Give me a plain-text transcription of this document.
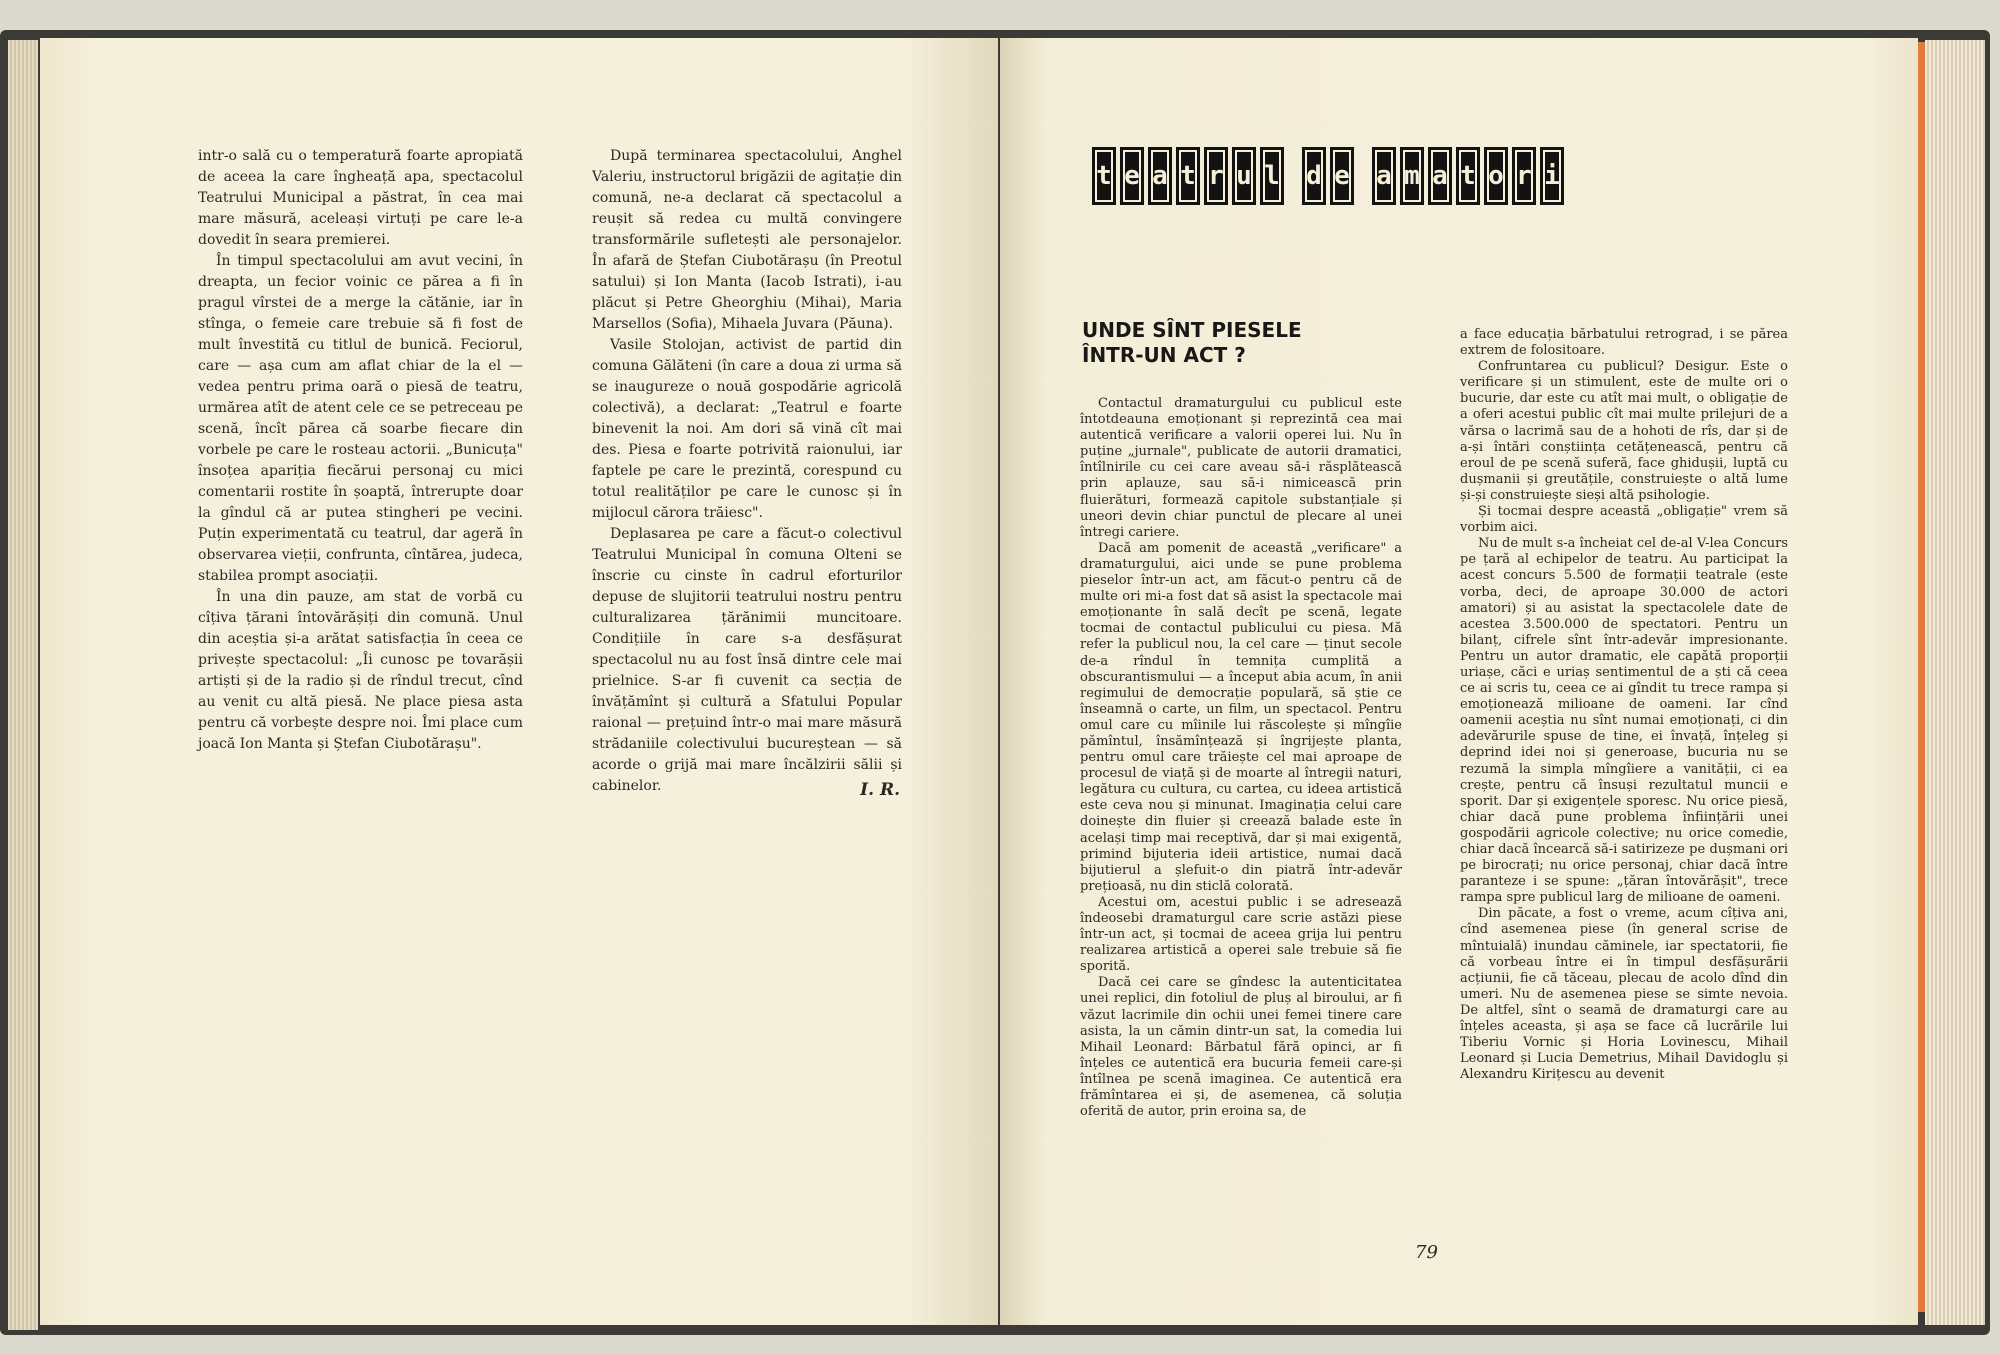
intr-o sală cu o temperatură foarte apropiată de aceea la care îngheață apa, spectacolul Teatrului Municipal a păstrat, în cea mai mare măsură, aceleași virtuți pe care le-a dovedit în seara premierei.

În timpul spectacolului am avut vecini, în dreapta, un fecior voinic ce părea a fi în pragul vîrstei de a merge la cătănie, iar în stînga, o femeie care trebuie să fi fost de mult învestită cu titlul de bunică. Feciorul, care — așa cum am aflat chiar de la el — vedea pentru prima oară o piesă de teatru, urmărea atît de atent cele ce se petreceau pe scenă, încît părea că soarbe fiecare din vorbele pe care le rosteau actorii. „Bunicuța" însoțea apariția fiecărui personaj cu mici comentarii rostite în șoaptă, întrerupte doar la gîndul că ar putea stingheri pe vecini. Puțin experimentată cu teatrul, dar ageră în observarea vieții, confrunta, cîntărea, judeca, stabilea prompt asociații.

În una din pauze, am stat de vorbă cu cîțiva țărani întovărășiți din comună. Unul din aceștia și-a arătat satisfacția în ceea ce privește spectacolul: „Îi cunosc pe tovarășii artiști și de la radio și de rîndul trecut, cînd au venit cu altă piesă. Ne place piesa asta pentru că vorbește despre noi. Îmi place cum joacă Ion Manta și Ștefan Ciubotărașu".

După terminarea spectacolului, Anghel Valeriu, instructorul brigăzii de agitație din comună, ne-a declarat că spectacolul a reușit să redea cu multă convingere transformările sufletești ale personajelor. În afară de Ștefan Ciubotărașu (în Preotul satului) și Ion Manta (Iacob Istrati), i-au plăcut și Petre Gheorghiu (Mihai), Maria Marsellos (Sofia), Mihaela Juvara (Păuna).

Vasile Stolojan, activist de partid din comuna Gălăteni (în care a doua zi urma să se inaugureze o nouă gospodărie agricolă colectivă), a declarat: „Teatrul e foarte binevenit la noi. Am dori să vină cît mai des. Piesa e foarte potrivită raionului, iar faptele pe care le prezintă, corespund cu totul realităților pe care le cunosc și în mijlocul cărora trăiesc".

Deplasarea pe care a făcut-o colectivul Teatrului Municipal în comuna Olteni se înscrie cu cinste în cadrul eforturilor depuse de slujitorii teatrului nostru pentru culturalizarea țărănimii muncitoare. Condițiile în care s-a desfășurat spectacolul nu au fost însă dintre cele mai prielnice. S-ar fi cuvenit ca secția de învățămînt și cultură a Sfatului Popular raional — prețuind într-o mai mare măsură strădaniile colectivului bucureștean — să acorde o grijă mai mare încălzirii sălii și cabinelor.	I. R.
t e a t r u l d e a m a t o r i
UNDE SÎNT PIESELE
ÎNTR-UN ACT ?

Contactul dramaturgului cu publicul este întotdeauna emoționant și reprezintă cea mai autentică verificare a valorii operei lui. Nu în puține „jurnale", publicate de autorii dramatici, întîlnirile cu cei care aveau să-i răsplătească prin aplauze, sau să-i nimicească prin fluierături, formează capitole substanțiale și uneori devin chiar punctul de plecare al unei întregi cariere.

Dacă am pomenit de această „verificare" a dramaturgului, aici unde se pune problema pieselor într-un act, am făcut-o pentru că de multe ori mi-a fost dat să asist la spectacole mai emoționante în sală decît pe scenă, legate tocmai de contactul publicului cu piesa. Mă refer la publicul nou, la cel care — ținut secole de-a rîndul în temnița cumplită a obscurantismului — a început abia acum, în anii regimului de democrație populară, să știe ce înseamnă o carte, un film, un spectacol. Pentru omul care cu mîinile lui răscolește și mîngîie pămîntul, însămînțează și îngrijește planta, pentru omul care trăiește cel mai aproape de procesul de viață și de moarte al întregii naturi, legătura cu cultura, cu cartea, cu ideea artistică este ceva nou și minunat. Imaginația celui care doinește din fluier și creează balade este în același timp mai receptivă, dar și mai exigentă, primind bijuteria ideii artistice, numai dacă bijutierul a șlefuit-o din piatră într-adevăr prețioasă, nu din sticlă colorată.

Acestui om, acestui public i se adresează îndeosebi dramaturgul care scrie astăzi piese într-un act, și tocmai de aceea grija lui pentru realizarea artistică a operei sale trebuie să fie sporită.

Dacă cei care se gîndesc la autenticitatea unei replici, din fotoliul de pluș al biroului, ar fi văzut lacrimile din ochii unei femei tinere care asista, la un cămin dintr-un sat, la comedia lui Mihail Leonard: Bărbatul fără opinci, ar fi înțeles ce autentică era bucuria femeii care-și întîlnea pe scenă imaginea. Ce autentică era frămîntarea ei și, de asemenea, că soluția oferită de autor, prin eroina sa, de

a face educația bărbatului retrograd, i se părea extrem de folositoare.

Confruntarea cu publicul? Desigur. Este o verificare și un stimulent, este de multe ori o bucurie, dar este cu atît mai mult, o obligație de a oferi acestui public cît mai multe prilejuri de a vărsa o lacrimă sau de a hohoti de rîs, dar și de a-și întări conștiința cetățenească, pentru că eroul de pe scenă suferă, face ghidușii, luptă cu dușmanii și greutățile, construiește o altă lume și-și construiește sieși altă psihologie.

Și tocmai despre această „obligație" vrem să vorbim aici.

Nu de mult s-a încheiat cel de-al V-lea Concurs pe țară al echipelor de teatru. Au participat la acest concurs 5.500 de formații teatrale (este vorba, deci, de aproape 30.000 de actori amatori) și au asistat la spectacolele date de acestea 3.500.000 de spectatori. Pentru un bilanț, cifrele sînt într-adevăr impresionante. Pentru un autor dramatic, ele capătă proporții uriașe, căci e uriaș sentimentul de a ști că ceea ce ai scris tu, ceea ce ai gîndit tu trece rampa și emoționează milioane de oameni. Iar cînd oamenii aceștia nu sînt numai emoționați, ci din adevărurile spuse de tine, ei învață, înțeleg și deprind idei noi și generoase, bucuria nu se rezumă la simpla mîngîiere a vanității, ci ea crește, pentru că însuși rezultatul muncii e sporit. Dar și exigențele sporesc. Nu orice piesă, chiar dacă pune problema înființării unei gospodării agricole colective; nu orice comedie, chiar dacă încearcă să-i satirizeze pe dușmani ori pe birocrați; nu orice personaj, chiar dacă între paranteze i se spune: „țăran întovărășit", trece rampa spre publicul larg de milioane de oameni.

Din păcate, a fost o vreme, acum cîțiva ani, cînd asemenea piese (în general scrise de mîntuială) inundau căminele, iar spectatorii, fie că vorbeau între ei în timpul desfășurării acțiunii, fie că tăceau, plecau de acolo dînd din umeri. Nu de asemenea piese se simte nevoia. De altfel, sînt o seamă de dramaturgi care au înțeles aceasta, și așa se face că lucrările lui Tiberiu Vornic și Horia Lovinescu, Mihail Leonard și Lucia Demetrius, Mihail Davidoglu și Alexandru Kirițescu au devenit

79
